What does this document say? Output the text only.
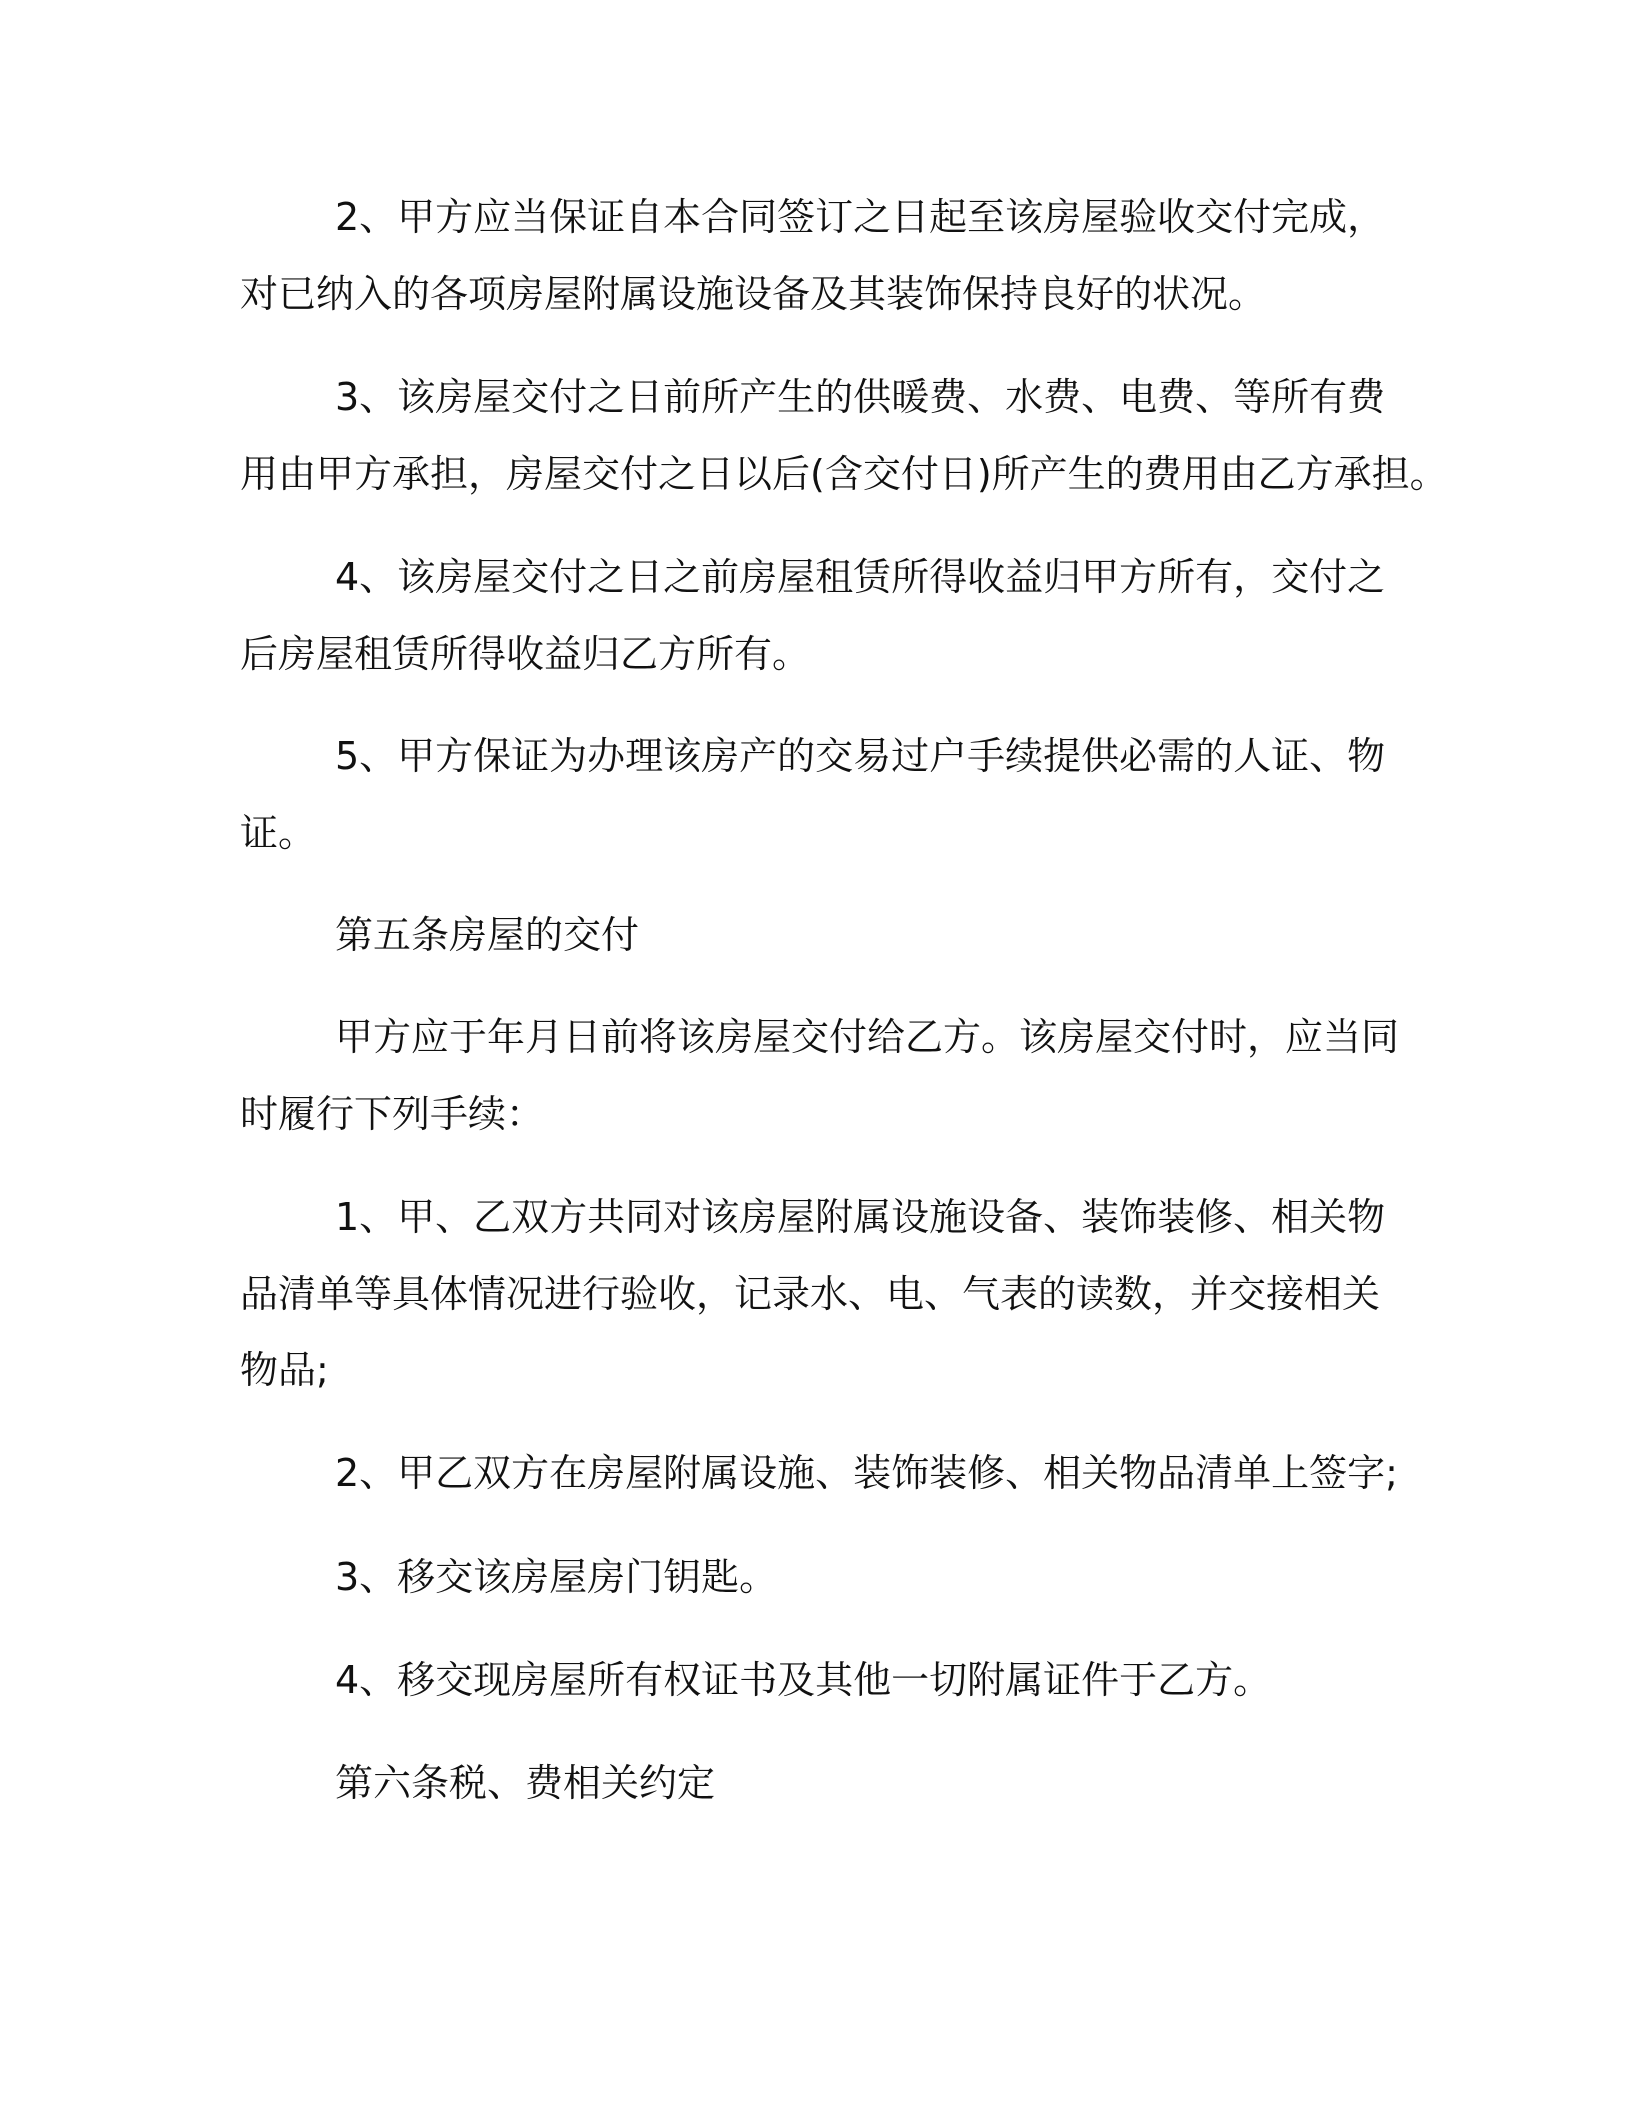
2、甲方应当保证自本合同签订之日起至该房屋验收交付完成，
对已纳入的各项房屋附属设施设备及其装饰保持良好的状况。
3、该房屋交付之日前所产生的供暖费、水费、电费、等所有费
用由甲方承担，房屋交付之日以后(含交付日)所产生的费用由乙方承担。
4、该房屋交付之日之前房屋租赁所得收益归甲方所有，交付之
后房屋租赁所得收益归乙方所有。
5、甲方保证为办理该房产的交易过户手续提供必需的人证、物
证。
第五条房屋的交付
甲方应于年月日前将该房屋交付给乙方。该房屋交付时，应当同
时履行下列手续：
1、甲、乙双方共同对该房屋附属设施设备、装饰装修、相关物
品清单等具体情况进行验收，记录水、电、气表的读数，并交接相关
物品;
2、甲乙双方在房屋附属设施、装饰装修、相关物品清单上签字;
3、移交该房屋房门钥匙。
4、移交现房屋所有权证书及其他一切附属证件于乙方。
第六条税、费相关约定
